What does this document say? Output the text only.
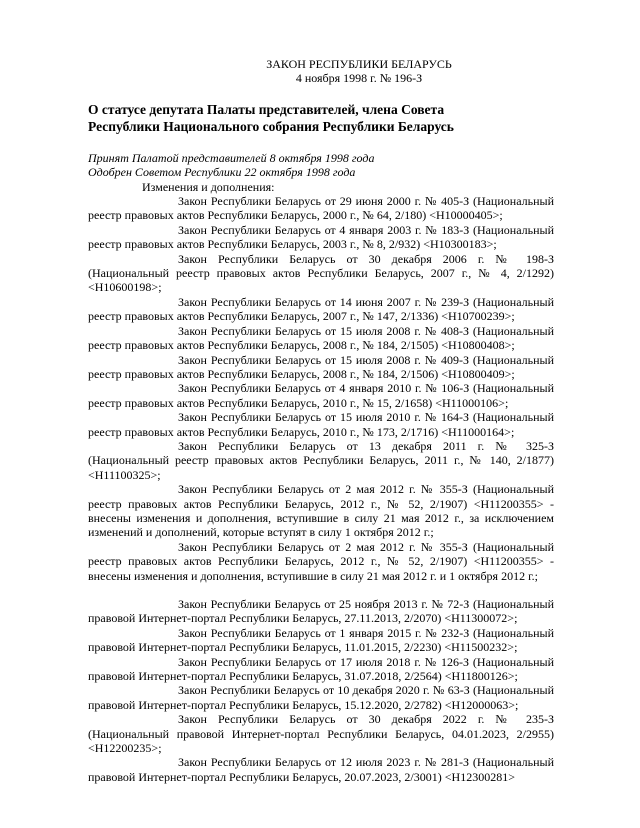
ЗАКОН РЕСПУБЛИКИ БЕЛАРУСЬ
4 ноября 1998 г. № 196-З
О статусе депутата Палаты представителей, члена Совета Республики Национального собрания Республики Беларусь
Принят Палатой представителей 8 октября 1998 года
Одобрен Советом Республики 22 октября 1998 года
Изменения и дополнения:

Закон Республики Беларусь от 29 июня 2000 г. № 405-З (Национальный реестр правовых актов Республики Беларусь, 2000 г., № 64, 2/180) <Н10000405>;

Закон Республики Беларусь от 4 января 2003 г. № 183-З (Национальный реестр правовых актов Республики Беларусь, 2003 г., № 8, 2/932) <Н10300183>;

Закон Республики Беларусь от 30 декабря 2006 г. № 198-З (Национальный реестр правовых актов Республики Беларусь, 2007 г., № 4, 2/1292) <Н10600198>;

Закон Республики Беларусь от 14 июня 2007 г. № 239-З (Национальный реестр правовых актов Республики Беларусь, 2007 г., № 147, 2/1336) <Н10700239>;

Закон Республики Беларусь от 15 июля 2008 г. № 408-З (Национальный реестр правовых актов Республики Беларусь, 2008 г., № 184, 2/1505) <Н10800408>;

Закон Республики Беларусь от 15 июля 2008 г. № 409-З (Национальный реестр правовых актов Республики Беларусь, 2008 г., № 184, 2/1506) <Н10800409>;

Закон Республики Беларусь от 4 января 2010 г. № 106-З (Национальный реестр правовых актов Республики Беларусь, 2010 г., № 15, 2/1658) <Н11000106>;

Закон Республики Беларусь от 15 июля 2010 г. № 164-З (Национальный реестр правовых актов Республики Беларусь, 2010 г., № 173, 2/1716) <Н11000164>;

Закон Республики Беларусь от 13 декабря 2011 г. № 325-З (Национальный реестр правовых актов Республики Беларусь, 2011 г., № 140, 2/1877) <Н11100325>;

Закон Республики Беларусь от 2 мая 2012 г. № 355-З (Национальный реестр правовых актов Республики Беларусь, 2012 г., № 52, 2/1907) <Н11200355> - внесены изменения и дополнения, вступившие в силу 21 мая 2012 г., за исключением изменений и дополнений, которые вступят в силу 1 октября 2012 г.;

Закон Республики Беларусь от 2 мая 2012 г. № 355-З (Национальный реестр правовых актов Республики Беларусь, 2012 г., № 52, 2/1907) <Н11200355> - внесены изменения и дополнения, вступившие в силу 21 мая 2012 г. и 1 октября 2012 г.;

Закон Республики Беларусь от 25 ноября 2013 г. № 72-З (Национальный правовой Интернет-портал Республики Беларусь, 27.11.2013, 2/2070) <Н11300072>;

Закон Республики Беларусь от 1 января 2015 г. № 232-З (Национальный правовой Интернет-портал Республики Беларусь, 11.01.2015, 2/2230) <Н11500232>;

Закон Республики Беларусь от 17 июля 2018 г. № 126-З (Национальный правовой Интернет-портал Республики Беларусь, 31.07.2018, 2/2564) <Н11800126>;

Закон Республики Беларусь от 10 декабря 2020 г. № 63-З (Национальный правовой Интернет-портал Республики Беларусь, 15.12.2020, 2/2782) <Н12000063>;

Закон Республики Беларусь от 30 декабря 2022 г. № 235-З (Национальный правовой Интернет-портал Республики Беларусь, 04.01.2023, 2/2955) <Н12200235>;

Закон Республики Беларусь от 12 июля 2023 г. № 281-З (Национальный правовой Интернет-портал Республики Беларусь, 20.07.2023, 2/3001) <Н12300281>
